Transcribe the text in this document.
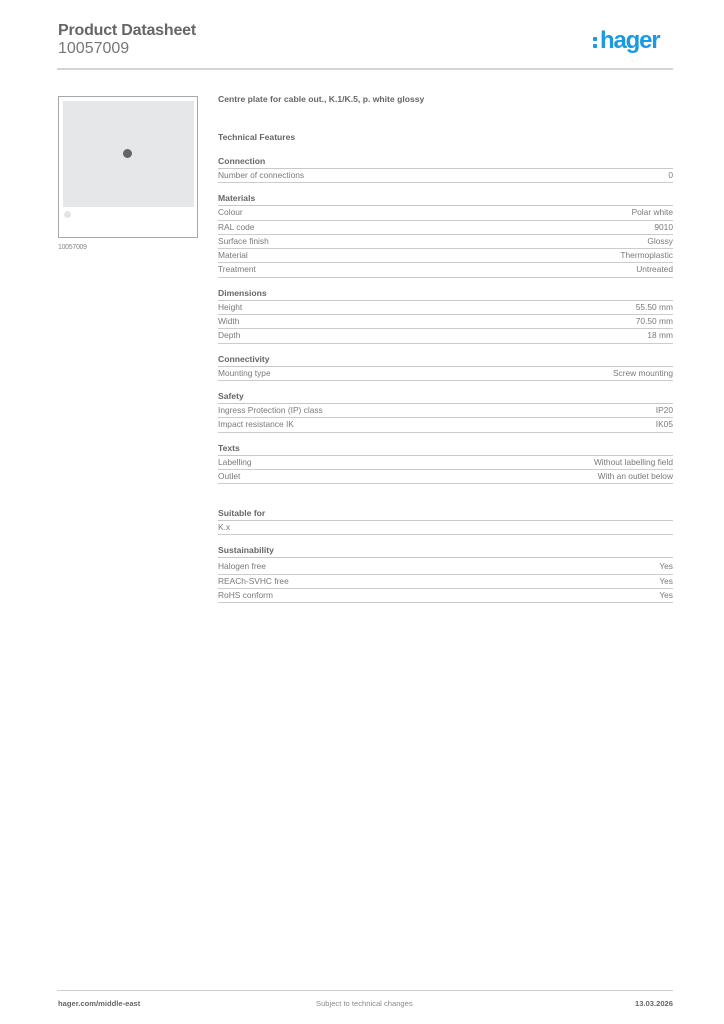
Product Datasheet
10057009	hager
10057009
Centre plate for cable out., K.1/K.5, p. white glossy
Technical Features
Connection
Number of connections	0
Materials
Colour	Polar white
RAL code	9010
Surface finish	Glossy
Material	Thermoplastic
Treatment	Untreated
Dimensions
Height	55.50 mm
Width	70.50 mm
Depth	18 mm
Connectivity
Mounting type	Screw mounting
Safety
Ingress Protection (IP) class	IP20
Impact resistance IK	IK05
Texts
Labelling	Without labelling field
Outlet	With an outlet below
Suitable for
K.x
Sustainability
Halogen free	Yes
REACh-SVHC free	Yes
RoHS conform	Yes
hager.com/middle-east	Subject to technical changes	13.03.2026
